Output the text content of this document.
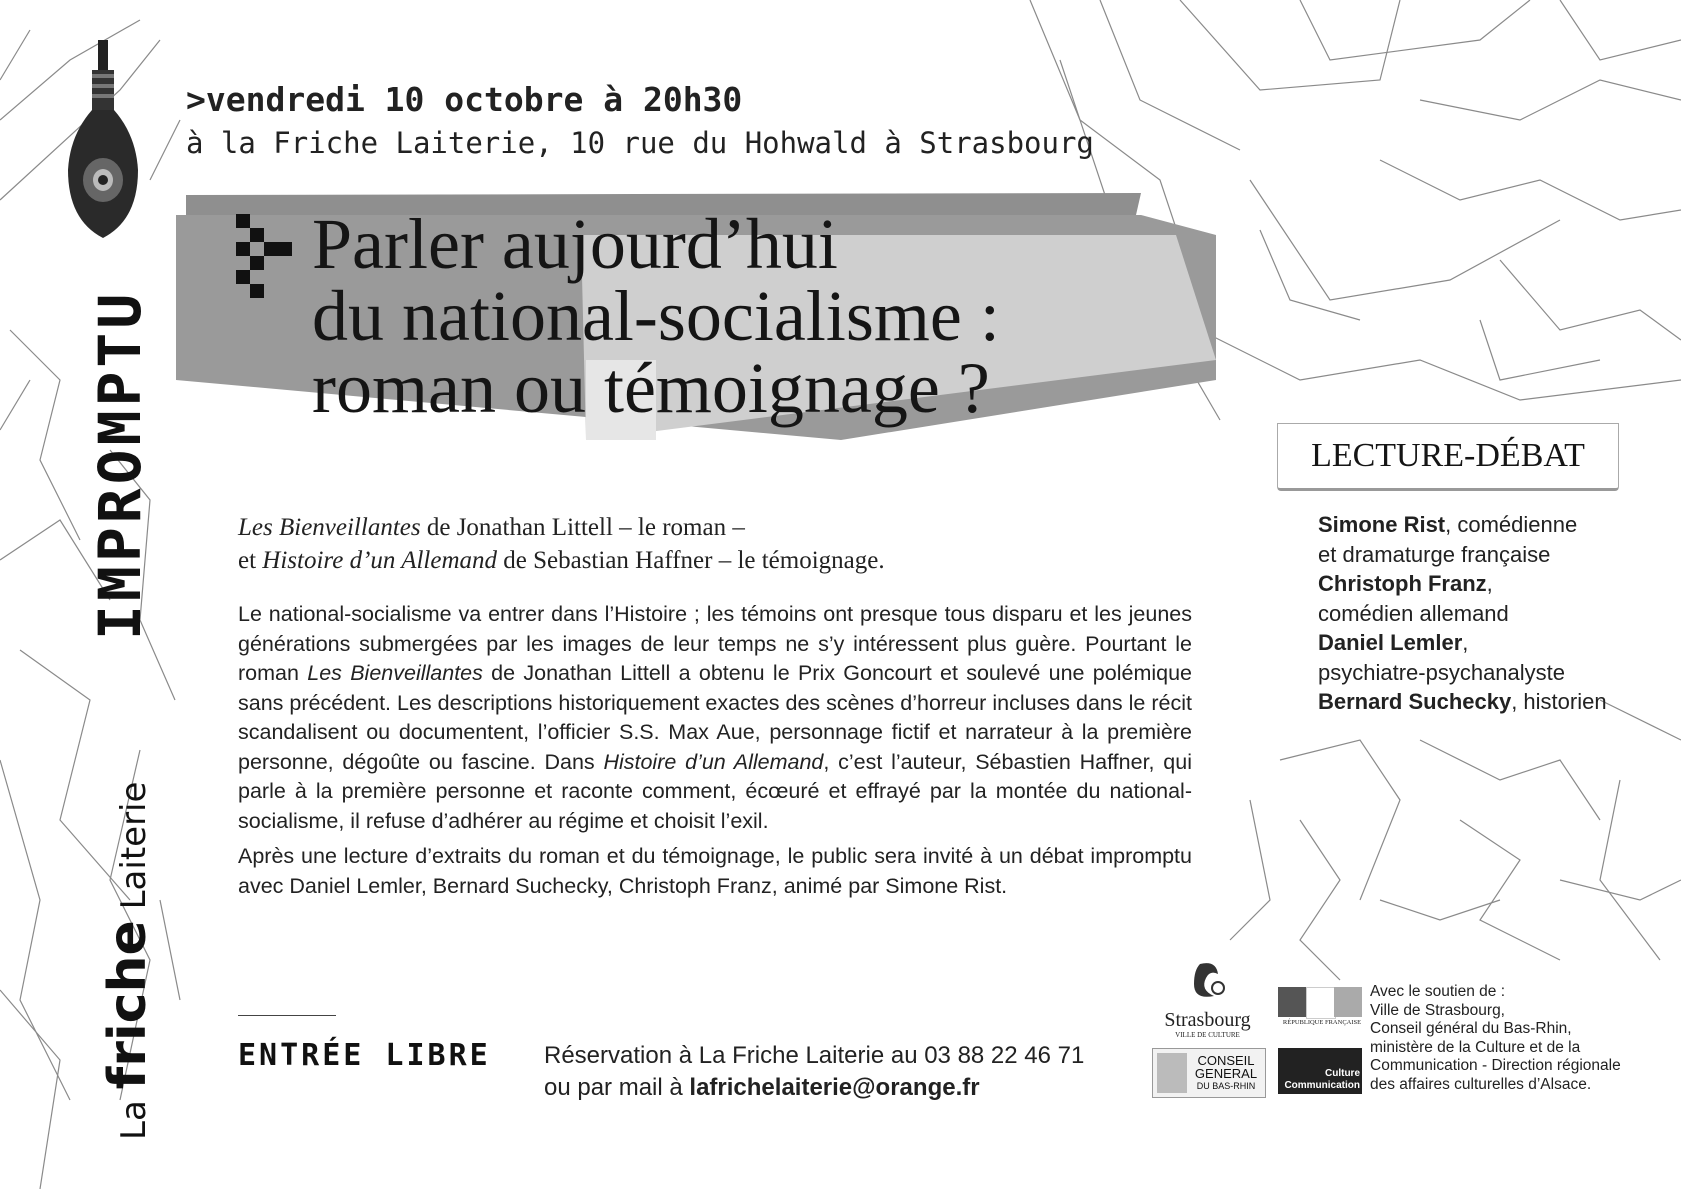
IMPROMPTU
La friche Laiterie
>vendredi 10 octobre à 20h30
à la Friche Laiterie, 10 rue du Hohwald à Strasbourg
Parler aujourd’hui
du national-socialisme :
roman ou témoignage ?
LECTURE-DÉBAT
Simone Rist, comédienne
et dramaturge française
Christoph Franz,
comédien allemand
Daniel Lemler,
psychiatre-psychanalyste
Bernard Suchecky, historien
Les Bienveillantes de Jonathan Littell – le roman –
et Histoire d’un Allemand de Sebastian Haffner – le témoignage.

Le national-socialisme va entrer dans l’Histoire ; les témoins ont presque tous disparu et les jeunes générations submergées par les images de leur temps ne s’y intéressent plus guère. Pourtant le roman Les Bienveillantes de Jonathan Littell a obtenu le Prix Goncourt et soulevé une polémique sans précédent. Les descriptions historiquement exactes des scènes d’horreur incluses dans le récit scandalisent ou documentent, l’officier S.S. Max Aue, personnage fictif et narrateur à la première personne, dégoûte ou fascine. Dans Histoire d’un Allemand, c’est l’auteur, Sébastien Haffner, qui parle à la première personne et raconte comment, écœuré et effrayé par la montée du national-socialisme, il refuse d’adhérer au régime et choisit l’exil.

Après une lecture d’extraits du roman et du témoignage, le public sera invité à un débat impromptu avec Daniel Lemler, Bernard Suchecky, Christoph Franz, animé par Simone Rist.

ENTRÉE LIBRE Réservation à La Friche Laiterie au 03 88 22 46 71
ou par mail à lafrichelaiterie@orange.fr
Strasbourg
VILLE DE CULTURE
CONSEIL
GENERAL
DU BAS-RHIN
RÉPUBLIQUE FRANÇAISE
Culture
Communication
Avec le soutien de :
Ville de Strasbourg,
Conseil général du Bas-Rhin,
ministère de la Culture et de la
Communication - Direction régionale
des affaires culturelles d’Alsace.
